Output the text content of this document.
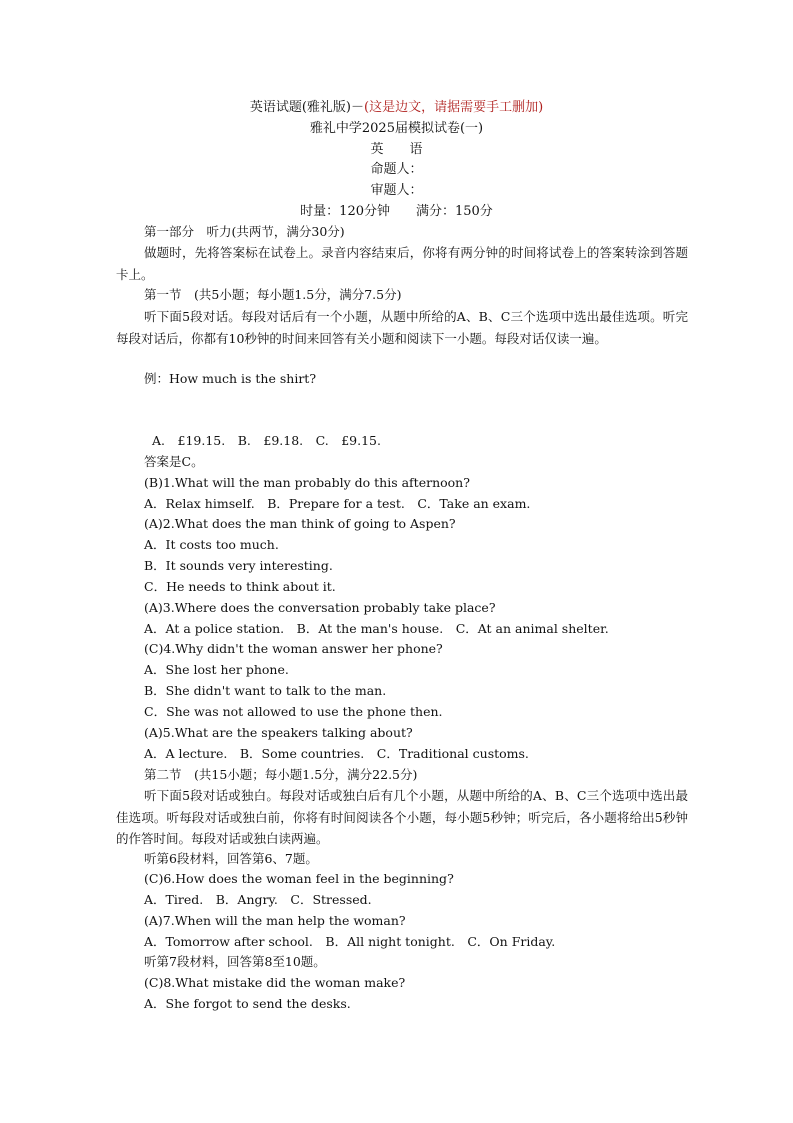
英语试题(雅礼版)－(这是边文，请据需要手工删加)
雅礼中学2025届模拟试卷(一)
英　　语
命题人：
审题人：
时量：120分钟　　满分：150分
第一部分　听力(共两节，满分30分)
做题时，先将答案标在试卷上。录音内容结束后，你将有两分钟的时间将试卷上的答案转涂到答题卡上。
第一节　(共5小题；每小题1.5分，满分7.5分)
听下面5段对话。每段对话后有一个小题，从题中所给的A、B、C三个选项中选出最佳选项。听完每段对话后，你都有10秒钟的时间来回答有关小题和阅读下一小题。每段对话仅读一遍。
例：How much is the shirt?
A.　£19.15.　B.　£9.18.　C.　£9.15.
答案是C。
(B)1.What will the man probably do this afternoon?
A．Relax himself.　 B．Prepare for a test.　 C．Take an exam.
(A)2.What does the man think of going to Aspen?
A．It costs too much.
B．It sounds very interesting.
C．He needs to think about it.
(A)3.Where does the conversation probably take place?
A．At a police station.　 B．At the man's house.　 C．At an animal shelter.
(C)4.Why didn't the woman answer her phone?
A．She lost her phone.
B．She didn't want to talk to the man.
C．She was not allowed to use the phone then.
(A)5.What are the speakers talking about?
A．A lecture.　 B．Some countries.　 C．Traditional customs.
第二节　(共15小题；每小题1.5分，满分22.5分)
听下面5段对话或独白。每段对话或独白后有几个小题，从题中所给的A、B、C三个选项中选出最佳选项。听每段对话或独白前，你将有时间阅读各个小题，每小题5秒钟；听完后，各小题将给出5秒钟的作答时间。每段对话或独白读两遍。
听第6段材料，回答第6、7题。
(C)6.How does the woman feel in the beginning?
A．Tired.　 B．Angry.　 C．Stressed.
(A)7.When will the man help the woman?
A．Tomorrow after school.　 B．All night tonight.　 C．On Friday.
听第7段材料，回答第8至10题。
(C)8.What mistake did the woman make?
A．She forgot to send the desks.
